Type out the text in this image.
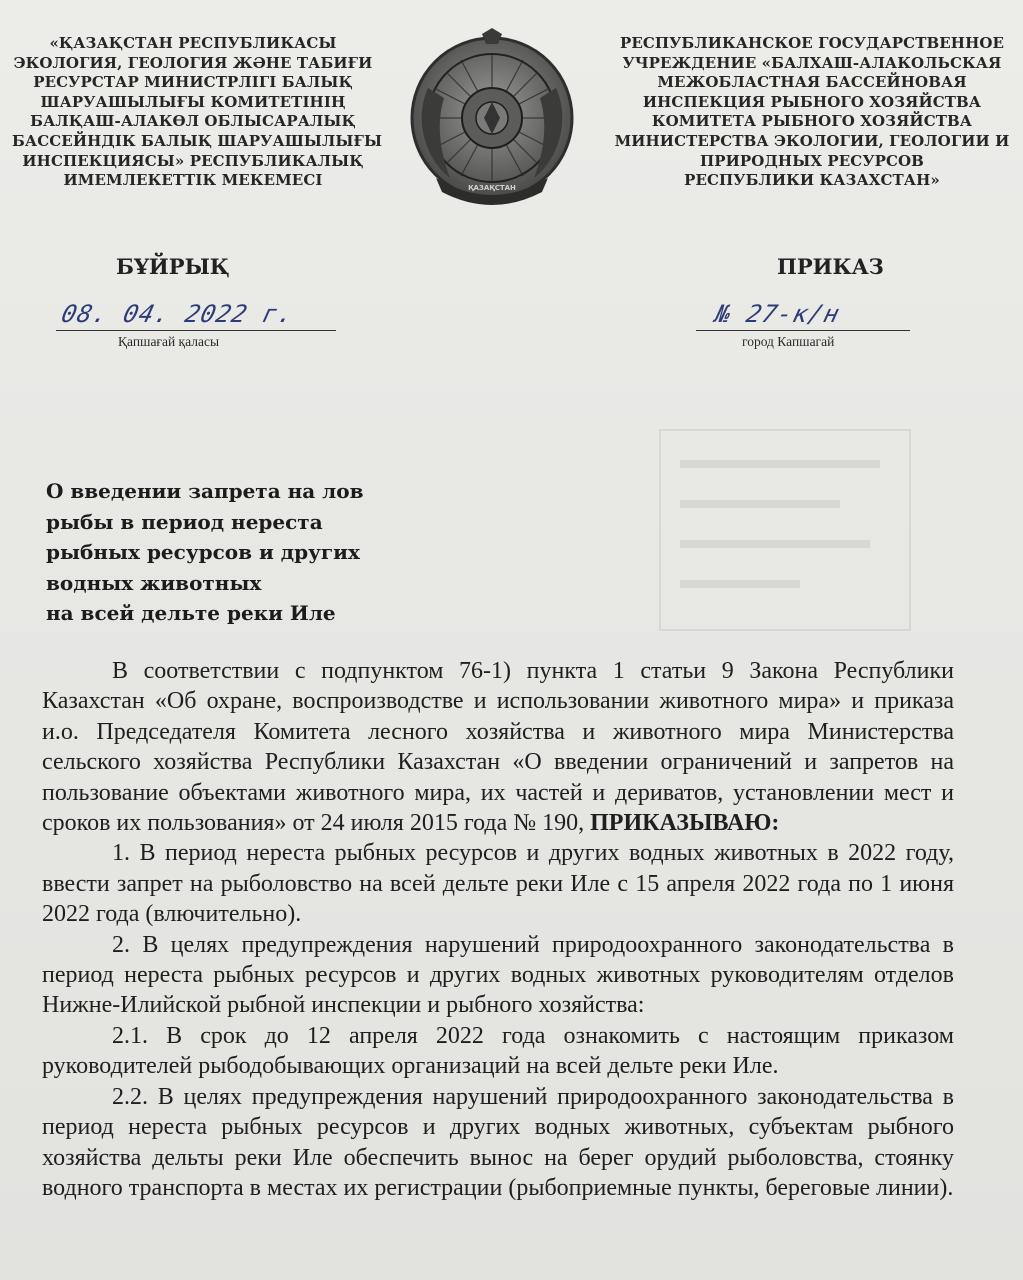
«ҚАЗАҚСТАН РЕСПУБЛИКАСЫ
ЭКОЛОГИЯ, ГЕОЛОГИЯ ЖӘНЕ ТАБИҒИ
РЕСУРСТАР МИНИСТРЛІГІ БАЛЫҚ
ШАРУАШЫЛЫҒЫ КОМИТЕТІНІҢ
БАЛҚАШ-АЛАКӨЛ ОБЛЫСАРАЛЫҚ
БАССЕЙНДІК БАЛЫҚ ШАРУАШЫЛЫҒЫ
ИНСПЕКЦИЯСЫ» РЕСПУБЛИКАЛЫҚ
ИМЕМЛЕКЕТТІК МЕКЕМЕСІ	ҚАЗАҚСТАН
РЕСПУБЛИКАНСКОЕ ГОСУДАРСТВЕННОЕ
УЧРЕЖДЕНИЕ «БАЛХАШ-АЛАКОЛЬСКАЯ
МЕЖОБЛАСТНАЯ БАССЕЙНОВАЯ
ИНСПЕКЦИЯ РЫБНОГО ХОЗЯЙСТВА
КОМИТЕТА РЫБНОГО ХОЗЯЙСТВА
МИНИСТЕРСТВА ЭКОЛОГИИ, ГЕОЛОГИИ И
ПРИРОДНЫХ РЕСУРСОВ
РЕСПУБЛИКИ КАЗАХСТАН»
БҰЙРЫҚ	ПРИКАЗ
08. 04. 2022 г.	№ 27-к/н
Қапшағай қаласы	город Капшагай
О введении запрета на лов
рыбы в период нереста
рыбных ресурсов и других
водных животных
на всей дельте реки Иле

В соответствии с подпунктом 76-1) пункта 1 статьи 9 Закона Республики Казахстан «Об охране, воспроизводстве и использовании животного мира» и приказа и.о. Председателя Комитета лесного хозяйства и животного мира Министерства сельского хозяйства Республики Казахстан «О введении ограничений и запретов на пользование объектами животного мира, их частей и дериватов, установлении мест и сроков их пользования» от 24 июля 2015 года № 190, ПРИКАЗЫВАЮ:

1. В период нереста рыбных ресурсов и других водных животных в 2022 году, ввести запрет на рыболовство на всей дельте реки Иле с 15 апреля 2022 года по 1 июня 2022 года (влючительно).

2. В целях предупреждения нарушений природоохранного законодательства в период нереста рыбных ресурсов и других водных животных руководителям отделов Нижне-Илийской рыбной инспекции и рыбного хозяйства:

2.1. В срок до 12 апреля 2022 года ознакомить с настоящим приказом руководителей рыбодобывающих организаций на всей дельте реки Иле.

2.2. В целях предупреждения нарушений природоохранного законодательства в период нереста рыбных ресурсов и других водных животных, субъектам рыбного хозяйства дельты реки Иле обеспечить вынос на берег орудий рыболовства, стоянку водного транспорта в местах их регистрации (рыбоприемные пункты, береговые линии).
